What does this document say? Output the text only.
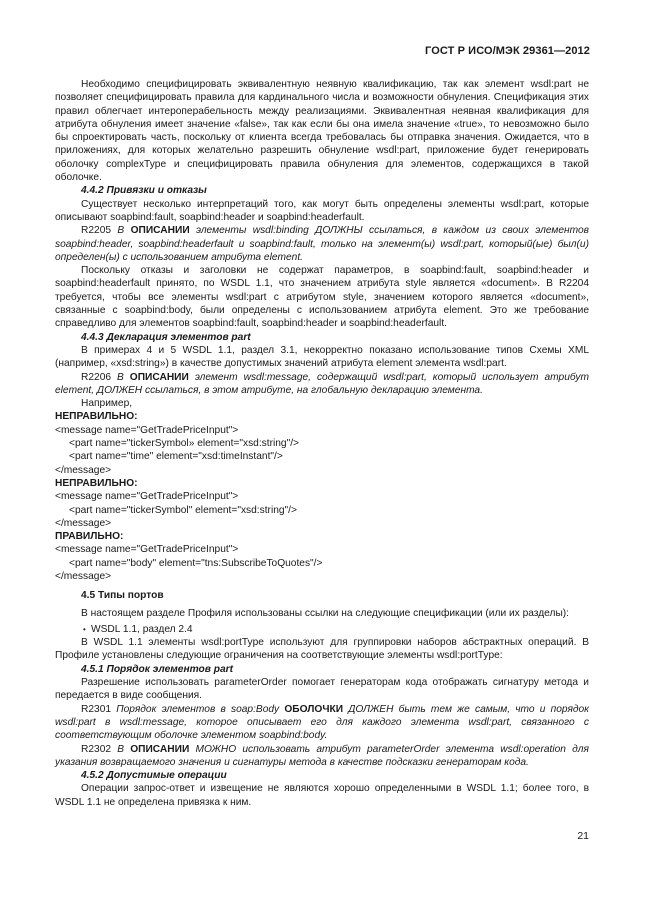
ГОСТ Р ИСО/МЭК 29361—2012

Необходимо специфицировать эквивалентную неявную квалификацию, так как элемент wsdl:part не позволяет специфицировать правила для кардинального числа и возможности обнуления. Спецификация этих правил облегчает интероперабельность между реализациями. Эквивалентная неявная квалификация для атрибута обнуления имеет значение «false», так как если бы она имела значение «true», то невозможно было бы спроектировать часть, поскольку от клиента всегда требовалась бы отправка значения. Ожидается, что в приложениях, для которых желательно разрешить обнуление wsdl:part, приложение будет генерировать оболочку complexType и специфицировать правила обнуления для элементов, содержащихся в такой оболочке.

4.4.2 Привязки и отказы

Существует несколько интерпретаций того, как могут быть определены элементы wsdl:part, которые описывают soapbind:fault, soapbind:header и soapbind:headerfault.

R2205 В ОПИСАНИИ элементы wsdl:binding ДОЛЖНЫ ссылаться, в каждом из своих элементов soapbind:header, soapbind:headerfault и soapbind:fault, только на элемент(ы) wsdl:part, который(ые) был(и) определен(ы) с использованием атрибута element.

Поскольку отказы и заголовки не содержат параметров, в soapbind:fault, soapbind:header и soapbind:headerfault принято, по WSDL 1.1, что значением атрибута style является «document». В R2204 требуется, чтобы все элементы wsdl:part с атрибутом style, значением которого является «document», связанные с soapbind:body, были определены с использованием атрибута element. Это же требование справедливо для элементов soapbind:fault, soapbind:header и soapbind:headerfault.

4.4.3 Декларация элементов part

В примерах 4 и 5 WSDL 1.1, раздел 3.1, некорректно показано использование типов Схемы XML (например, «xsd:string») в качестве допустимых значений атрибута element элемента wsdl:part.

R2206 В ОПИСАНИИ элемент wsdl:message, содержащий wsdl:part, который использует атрибут element, ДОЛЖЕН ссылаться, в этом атрибуте, на глобальную декларацию элемента.

Например,

НЕПРАВИЛЬНО:

<message name="GetTradePriceInput">

<part name="tickerSymbol» element="xsd:string"/>

<part name="time" element="xsd:timeInstant"/>

</message>

НЕПРАВИЛЬНО:

<message name="GetTradePriceInput">

<part name="tickerSymbol" element="xsd:string"/>

</message>

ПРАВИЛЬНО:

<message name="GetTradePriceInput">

<part name="body" element="tns:SubscribeToQuotes"/>

</message>

4.5 Типы портов

В настоящем разделе Профиля использованы ссылки на следующие спецификации (или их разделы):

• WSDL 1.1, раздел 2.4

В WSDL 1.1 элементы wsdl:portType используют для группировки наборов абстрактных операций. В Профиле установлены следующие ограничения на соответствующие элементы wsdl:portType:

4.5.1 Порядок элементов part

Разрешение использовать parameterOrder помогает генераторам кода отображать сигнатуру метода и передается в виде сообщения.

R2301 Порядок элементов в soap:Body ОБОЛОЧКИ ДОЛЖЕН быть тем же самым, что и порядок wsdl:part в wsdl:message, которое описывает его для каждого элемента wsdl:part, связанного с соответствующим оболочке элементом soapbind:body.

R2302 В ОПИСАНИИ МОЖНО использовать атрибут parameterOrder элемента wsdl:operation для указания возвращаемого значения и сигнатуры метода в качестве подсказки генераторам кода.

4.5.2 Допустимые операции

Операции запрос-ответ и извещение не являются хорошо определенными в WSDL 1.1; более того, в WSDL 1.1 не определена привязка к ним.

21
